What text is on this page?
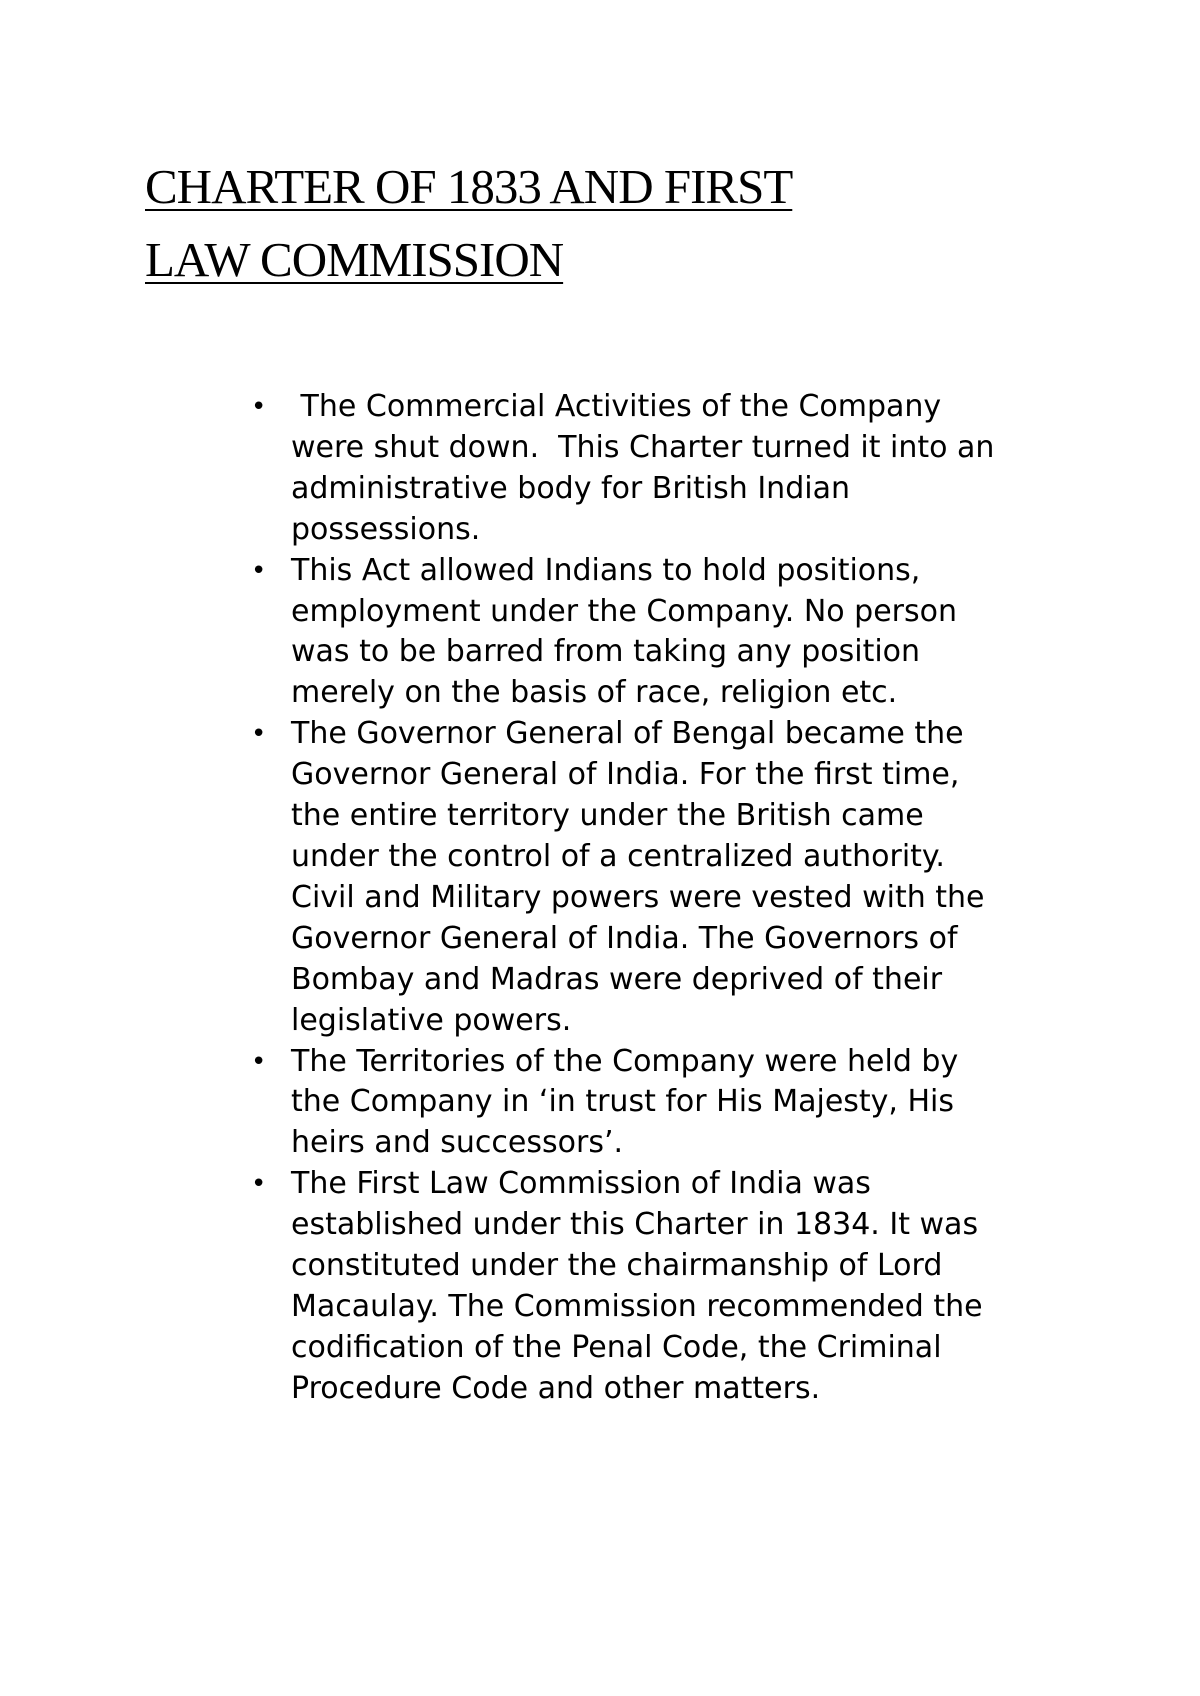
CHARTER OF 1833 AND FIRST
LAW COMMISSION
• The Commercial Activities of the Company
were shut down.  This Charter turned it into an
administrative body for British Indian
possessions.
• This Act allowed Indians to hold positions,
employment under the Company. No person
was to be barred from taking any position
merely on the basis of race, religion etc.
• The Governor General of Bengal became the
Governor General of India. For the first time,
the entire territory under the British came
under the control of a centralized authority.
Civil and Military powers were vested with the
Governor General of India. The Governors of
Bombay and Madras were deprived of their
legislative powers.
• The Territories of the Company were held by
the Company in ‘in trust for His Majesty, His
heirs and successors’.
• The First Law Commission of India was
established under this Charter in 1834. It was
constituted under the chairmanship of Lord
Macaulay. The Commission recommended the
codification of the Penal Code, the Criminal
Procedure Code and other matters.
